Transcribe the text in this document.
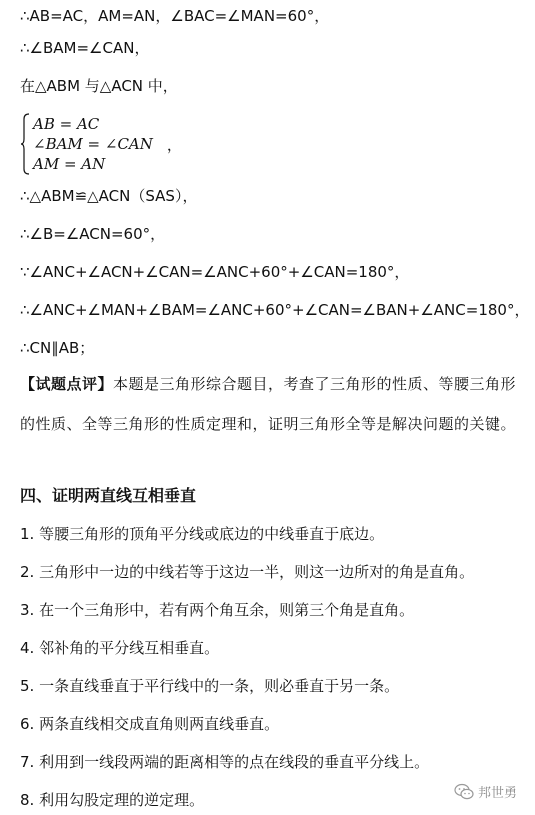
∴AB=AC，AM=AN，∠BAC=∠MAN=60°，
∴∠BAM=∠CAN，
在△ABM 与△ACN 中，
AB = AC
∠BAM = ∠CAN
AM = AN
，
∴△ABM≌△ACN（SAS），
∴∠B=∠ACN=60°，
∵∠ANC+∠ACN+∠CAN=∠ANC+60°+∠CAN=180°，
∴∠ANC+∠MAN+∠BAM=∠ANC+60°+∠CAN=∠BAN+∠ANC=180°，
∴CN∥AB；
【试题点评】本题是三角形综合题目，考查了三角形的性质、等腰三角形的性质、全等三角形的性质定理和，证明三角形全等是解决问题的关键。
四、证明两直线互相垂直
1. 等腰三角形的顶角平分线或底边的中线垂直于底边。
2. 三角形中一边的中线若等于这边一半，则这一边所对的角是直角。
3. 在一个三角形中，若有两个角互余，则第三个角是直角。
4. 邻补角的平分线互相垂直。
5. 一条直线垂直于平行线中的一条，则必垂直于另一条。
6. 两条直线相交成直角则两直线垂直。
7. 利用到一线段两端的距离相等的点在线段的垂直平分线上。
8. 利用勾股定理的逆定理。	邦世勇
